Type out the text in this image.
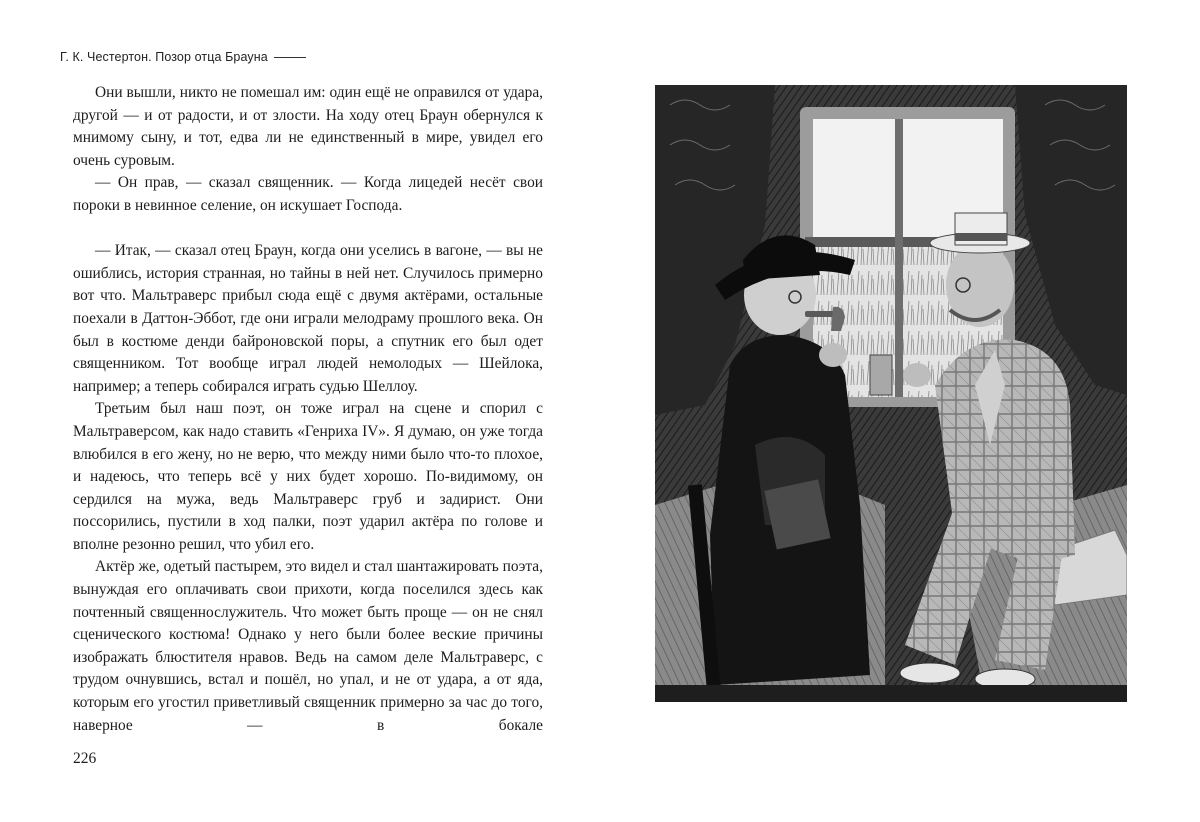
Г. К. Честертон. Позор отца Брауна

Они вышли, никто не помешал им: один ещё не оправился от удара, другой — и от радости, и от злости. На ходу отец Браун обернулся к мнимому сыну, и тот, едва ли не единственный в мире, увидел его очень суровым.

— Он прав, — сказал священник. — Когда лицедей несёт свои пороки в невинное селение, он искушает Господа.

— Итак, — сказал отец Браун, когда они уселись в вагоне, — вы не ошиблись, история странная, но тайны в ней нет. Случилось примерно вот что. Мальтраверс прибыл сюда ещё с двумя актёрами, остальные поехали в Даттон-Эббот, где они играли мелодраму прошлого века. Он был в костюме денди байроновской поры, а спутник его был одет священником. Тот вообще играл людей немолодых — Шейлока, например; а теперь собирался играть судью Шеллоу.

Третьим был наш поэт, он тоже играл на сцене и спорил с Мальтраверсом, как надо ставить «Генриха IV». Я думаю, он уже тогда влюбился в его жену, но не верю, что между ними было что-то плохое, и надеюсь, что теперь всё у них будет хорошо. По-видимому, он сердился на мужа, ведь Мальтраверс груб и задирист. Они поссорились, пустили в ход палки, поэт ударил актёра по голове и вполне резонно решил, что убил его.

Актёр же, одетый пастырем, это видел и стал шантажировать поэта, вынуждая его оплачивать свои прихоти, когда поселился здесь как почтенный священнослужитель. Что может быть проще — он не снял сценического костюма! Однако у него были более веские причины изображать блюстителя нравов. Ведь на самом деле Мальтраверс, с трудом очнувшись, встал и пошёл, но упал, и не от удара, а от яда, которым его угостил приветливый священник примерно за час до того, наверное — в бокале

226
